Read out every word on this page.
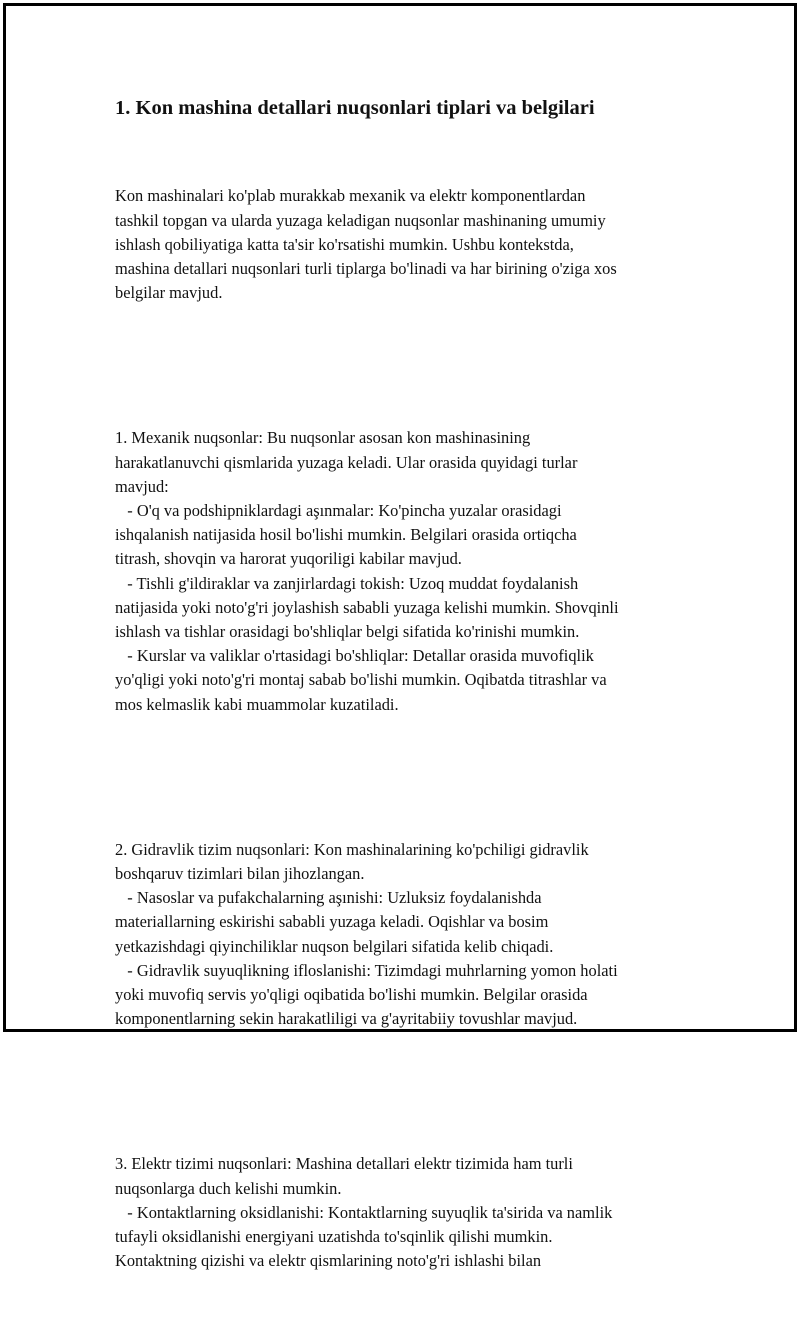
1. Kon mashina detallari nuqsonlari tiplari va belgilari

Kon mashinalari ko'plab murakkab mexanik va elektr komponentlardan
tashkil topgan va ularda yuzaga keladigan nuqsonlar mashinaning umumiy
ishlash qobiliyatiga katta ta'sir ko'rsatishi mumkin. Ushbu kontekstda,
mashina detallari nuqsonlari turli tiplarga bo'linadi va har birining o'ziga xos
belgilar mavjud.

1. Mexanik nuqsonlar: Bu nuqsonlar asosan kon mashinasining
harakatlanuvchi qismlarida yuzaga keladi. Ular orasida quyidagi turlar
mavjud:
- O'q va podshipniklardagi aşınmalar: Ko'pincha yuzalar orasidagi
ishqalanish natijasida hosil bo'lishi mumkin. Belgilari orasida ortiqcha
titrash, shovqin va harorat yuqoriligi kabilar mavjud.
- Tishli g'ildiraklar va zanjirlardagi tokish: Uzoq muddat foydalanish
natijasida yoki noto'g'ri joylashish sababli yuzaga kelishi mumkin. Shovqinli
ishlash va tishlar orasidagi bo'shliqlar belgi sifatida ko'rinishi mumkin.
- Kurslar va valiklar o'rtasidagi bo'shliqlar: Detallar orasida muvofiqlik
yo'qligi yoki noto'g'ri montaj sabab bo'lishi mumkin. Oqibatda titrashlar va
mos kelmaslik kabi muammolar kuzatiladi.

2. Gidravlik tizim nuqsonlari: Kon mashinalarining ko'pchiligi gidravlik
boshqaruv tizimlari bilan jihozlangan.
- Nasoslar va pufakchalarning aşınishi: Uzluksiz foydalanishda
materiallarning eskirishi sababli yuzaga keladi. Oqishlar va bosim
yetkazishdagi qiyinchiliklar nuqson belgilari sifatida kelib chiqadi.
- Gidravlik suyuqlikning ifloslanishi: Tizimdagi muhrlarning yomon holati
yoki muvofiq servis yo'qligi oqibatida bo'lishi mumkin. Belgilar orasida
komponentlarning sekin harakatliligi va g'ayritabiiy tovushlar mavjud.

3. Elektr tizimi nuqsonlari: Mashina detallari elektr tizimida ham turli
nuqsonlarga duch kelishi mumkin.
- Kontaktlarning oksidlanishi: Kontaktlarning suyuqlik ta'sirida va namlik
tufayli oksidlanishi energiyani uzatishda to'sqinlik qilishi mumkin.
Kontaktning qizishi va elektr qismlarining noto'g'ri ishlashi bilan
